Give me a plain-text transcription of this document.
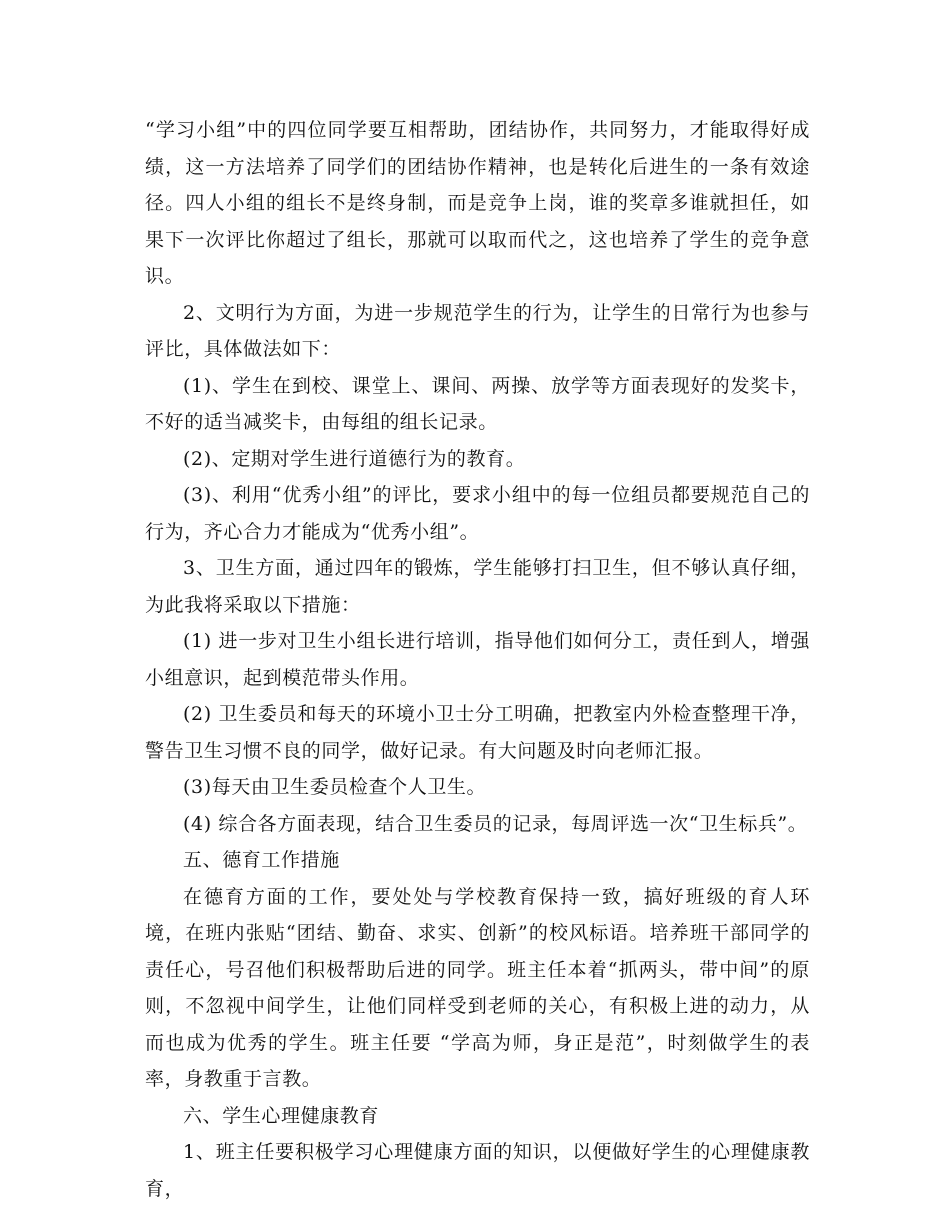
“学习小组”中的四位同学要互相帮助，团结协作，共同努力，才能取得好成绩，这一方法培养了同学们的团结协作精神，也是转化后进生的一条有效途径。四人小组的组长不是终身制，而是竞争上岗，谁的奖章多谁就担任，如果下一次评比你超过了组长，那就可以取而代之，这也培养了学生的竞争意识。

2、文明行为方面，为进一步规范学生的行为，让学生的日常行为也参与评比，具体做法如下：

(1)、学生在到校、课堂上、课间、两操、放学等方面表现好的发奖卡，不好的适当减奖卡，由每组的组长记录。

(2)、定期对学生进行道德行为的教育。

(3)、利用“优秀小组”的评比，要求小组中的每一位组员都要规范自己的行为，齐心合力才能成为“优秀小组”。

3、卫生方面，通过四年的锻炼，学生能够打扫卫生，但不够认真仔细，为此我将采取以下措施：

(1) 进一步对卫生小组长进行培训，指导他们如何分工，责任到人，增强小组意识，起到模范带头作用。

(2) 卫生委员和每天的环境小卫士分工明确，把教室内外检查整理干净，警告卫生习惯不良的同学，做好记录。有大问题及时向老师汇报。

(3)每天由卫生委员检查个人卫生。

(4) 综合各方面表现，结合卫生委员的记录，每周评选一次“卫生标兵”。

五、德育工作措施

在德育方面的工作，要处处与学校教育保持一致，搞好班级的育人环境，在班内张贴“团结、勤奋、求实、创新”的校风标语。培养班干部同学的责任心，号召他们积极帮助后进的同学。班主任本着“抓两头，带中间”的原则，不忽视中间学生，让他们同样受到老师的关心，有积极上进的动力，从而也成为优秀的学生。班主任要 “学高为师，身正是范”，时刻做学生的表率，身教重于言教。

六、学生心理健康教育

1、班主任要积极学习心理健康方面的知识，以便做好学生的心理健康教育，
